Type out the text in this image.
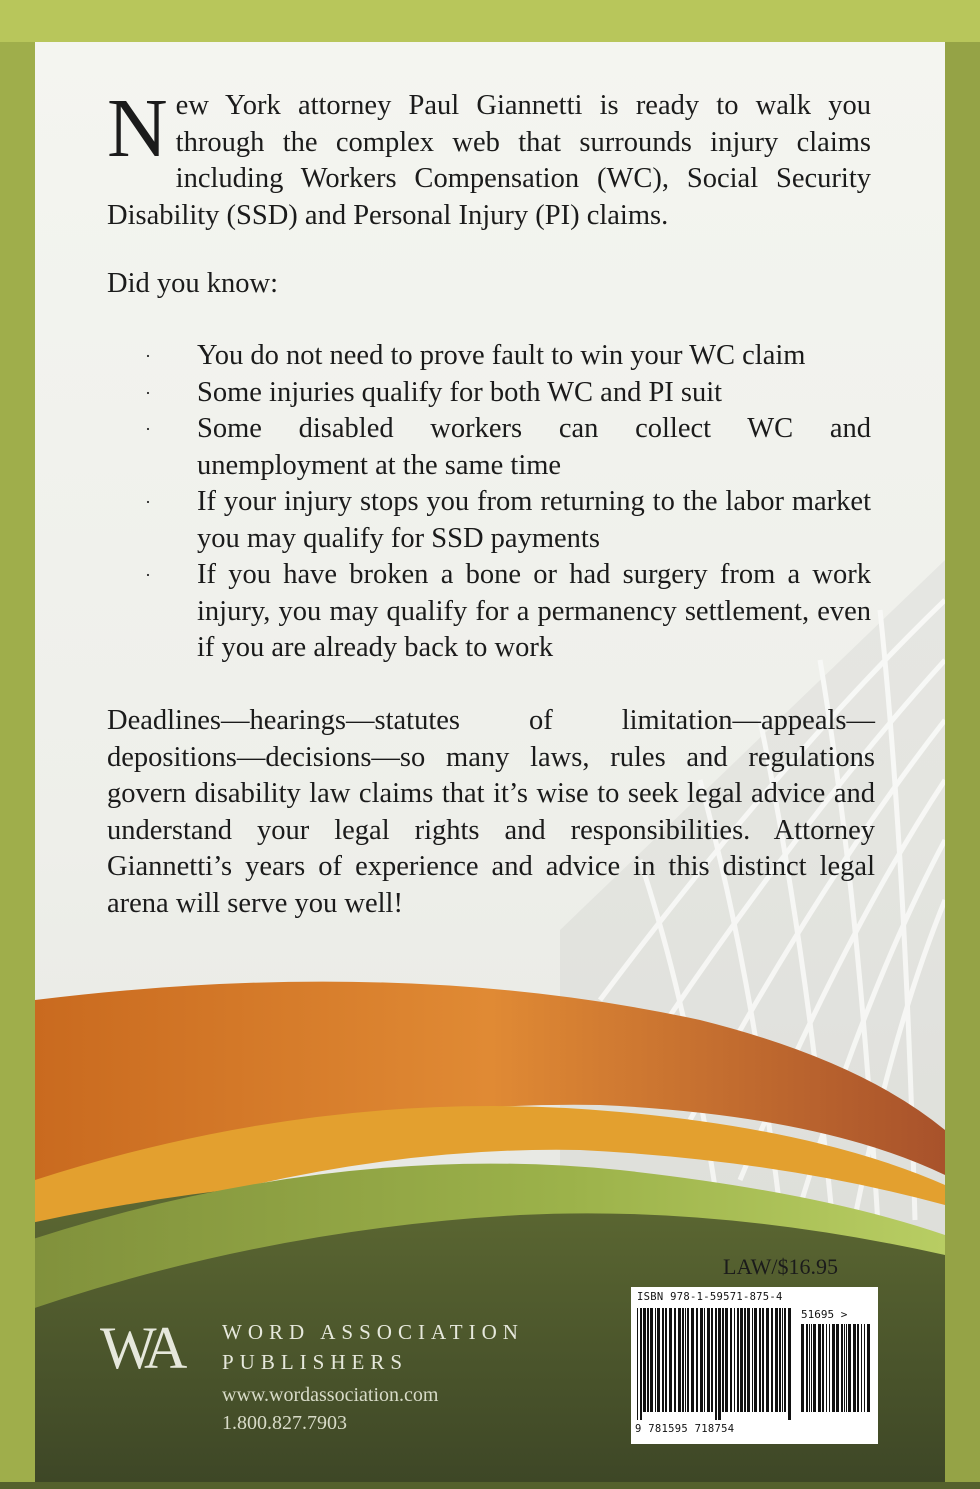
N ew York attorney Paul Giannetti is ready to walk you through the complex web that surrounds injury claims including Workers Compensation (WC), Social Security Disability (SSD) and Personal Injury (PI) claims.
Did you know:
· You do not need to prove fault to win your WC claim
· Some injuries qualify for both WC and PI suit
· Some disabled workers can collect WC and unemployment at the same time
· If your injury stops you from returning to the labor market you may qualify for SSD payments
· If you have broken a bone or had surgery from a work injury, you may qualify for a permanency settlement, even if you are already back to work
Deadlines—hearings—statutes of limitation—appeals—depositions—decisions—so many laws, rules and regulations govern disability law claims that it’s wise to seek legal advice and understand your legal rights and responsibilities. Attorney Giannetti’s years of experience and advice in this distinct legal arena will serve you well!
LAW/$16.95
ISBN 978-1-59571-875-4
51695 >
9 781595 718754
WA WORD ASSOCIATION
PUBLISHERS
www.wordassociation.com
1.800.827.7903
